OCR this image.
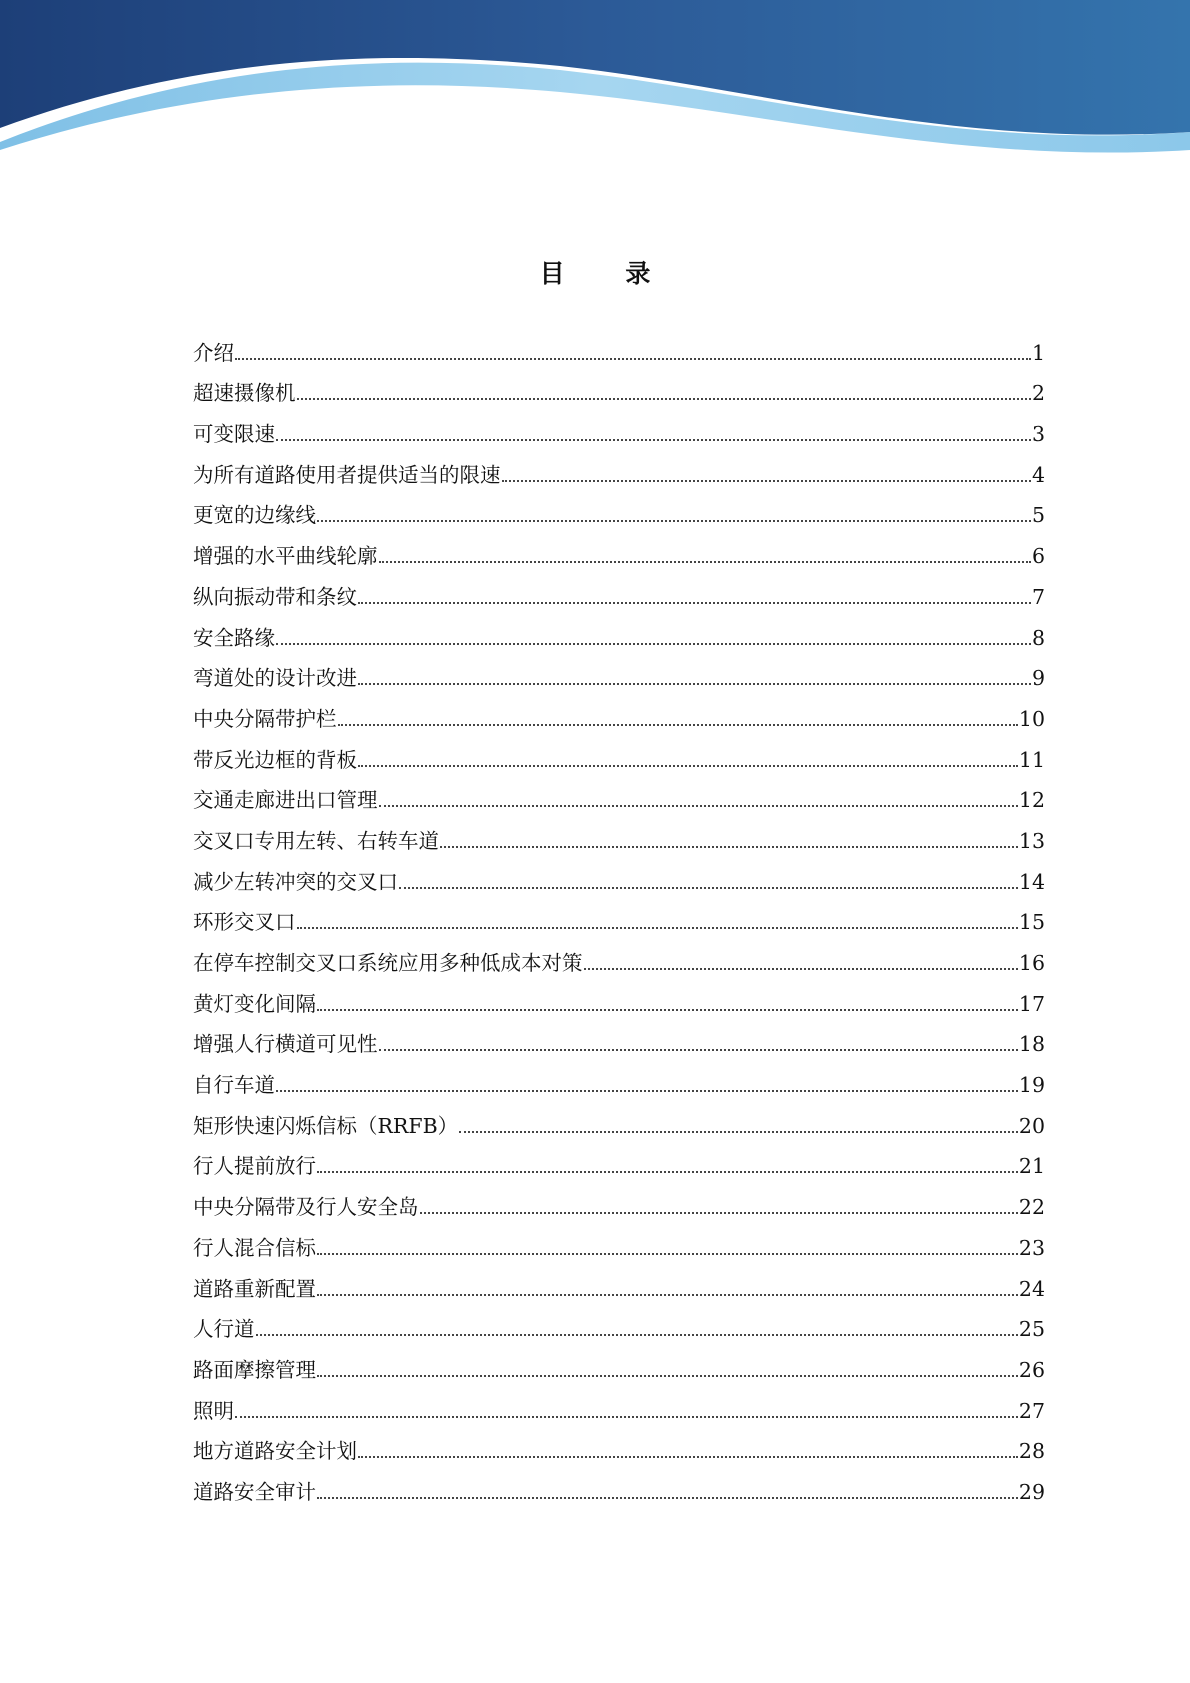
目 录
介绍	1
超速摄像机	2
可变限速	3
为所有道路使用者提供适当的限速	4
更宽的边缘线	5
增强的水平曲线轮廓	6
纵向振动带和条纹	7
安全路缘	8
弯道处的设计改进	9
中央分隔带护栏	10
带反光边框的背板	11
交通走廊进出口管理	12
交叉口专用左转、右转车道	13
减少左转冲突的交叉口	14
环形交叉口	15
在停车控制交叉口系统应用多种低成本对策	16
黄灯变化间隔	17
增强人行横道可见性	18
自行车道	19
矩形快速闪烁信标（RRFB）	20
行人提前放行	21
中央分隔带及行人安全岛	22
行人混合信标	23
道路重新配置	24
人行道	25
路面摩擦管理	26
照明	27
地方道路安全计划	28
道路安全审计	29
